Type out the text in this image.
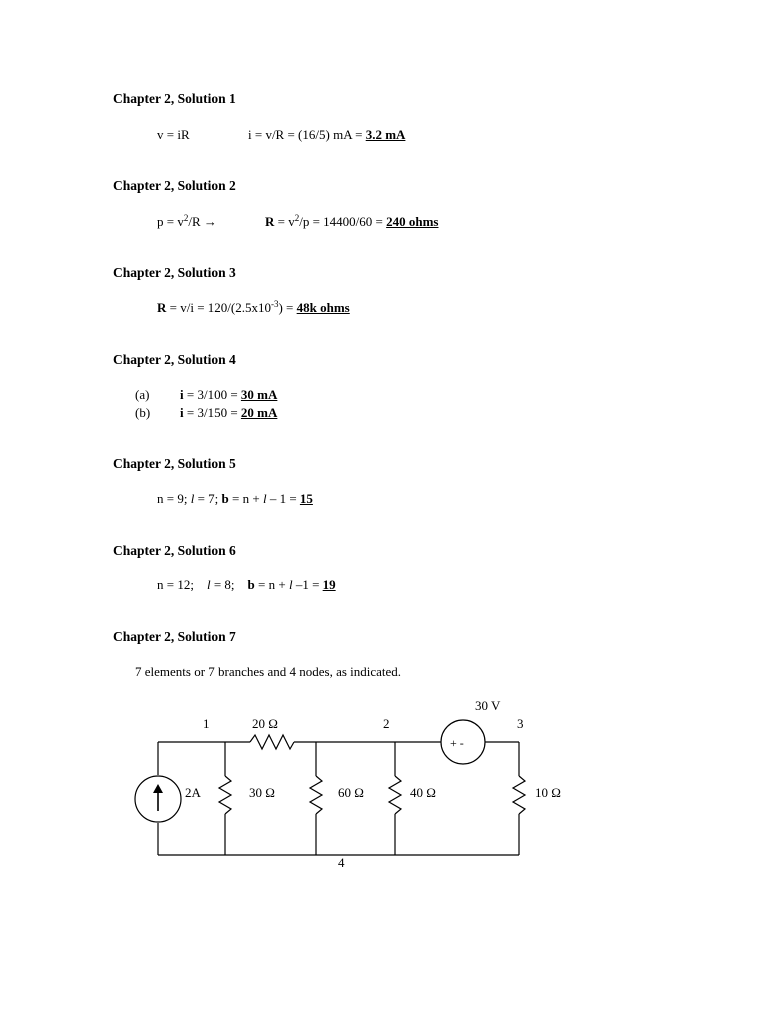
Chapter 2, Solution 1
v = iR	i = v/R = (16/5) mA = 3.2 mA
Chapter 2, Solution 2
$p = v^2/R$ →	$R = v^2/p = 14400/60 = 240$ ohms
Chapter 2, Solution 3
$R = v/i = 120/(2.5x10^{-3}) = 48k$ ohms
Chapter 2, Solution 4
(a) i = 3/100 = 30 mA
(b) i = 3/150 = 20 mA
Chapter 2, Solution 5
n = 9; l = 7; b = n + l – 1 = 15
Chapter 2, Solution 6
n = 12; l = 8; b = n + l –1 = 19
Chapter 2, Solution 7
7 elements or 7 branches and 4 nodes, as indicated.
1	20 Ω	2
30 V
3
+ -
2A	30 Ω	60 Ω	40 Ω	10 Ω
4
